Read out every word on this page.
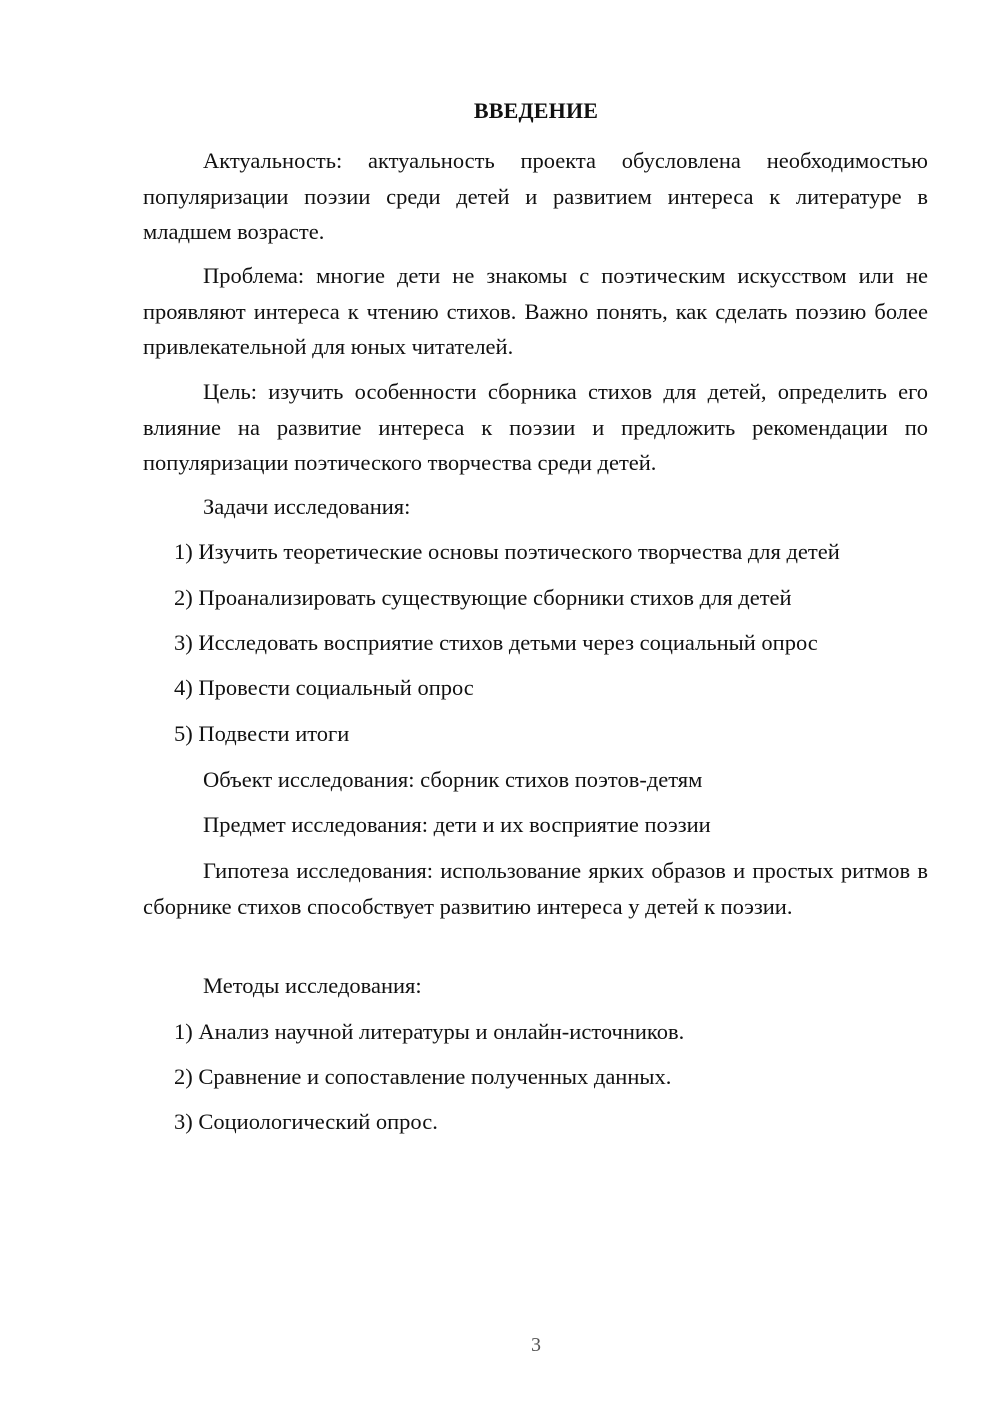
ВВЕДЕНИЕ

Актуальность: актуальность проекта обусловлена необходимостью популяризации поэзии среди детей и развитием интереса к литературе в младшем возрасте.

Проблема: многие дети не знакомы с поэтическим искусством или не проявляют интереса к чтению стихов. Важно понять, как сделать поэзию более привлекательной для юных читателей.

Цель: изучить особенности сборника стихов для детей, определить его влияние на развитие интереса к поэзии и предложить рекомендации по популяризации поэтического творчества среди детей.

Задачи исследования:

1) Изучить теоретические основы поэтического творчества для детей

2) Проанализировать существующие сборники стихов для детей

3) Исследовать восприятие стихов детьми через социальный опрос

4) Провести социальный опрос

5) Подвести итоги

Объект исследования: сборник стихов поэтов-детям

Предмет исследования: дети и их восприятие поэзии

Гипотеза исследования: использование ярких образов и простых ритмов в сборнике стихов способствует развитию интереса у детей к поэзии.

Методы исследования:

1) Анализ научной литературы и онлайн-источников.

2) Сравнение и сопоставление полученных данных.

3) Социологический опрос.

3
